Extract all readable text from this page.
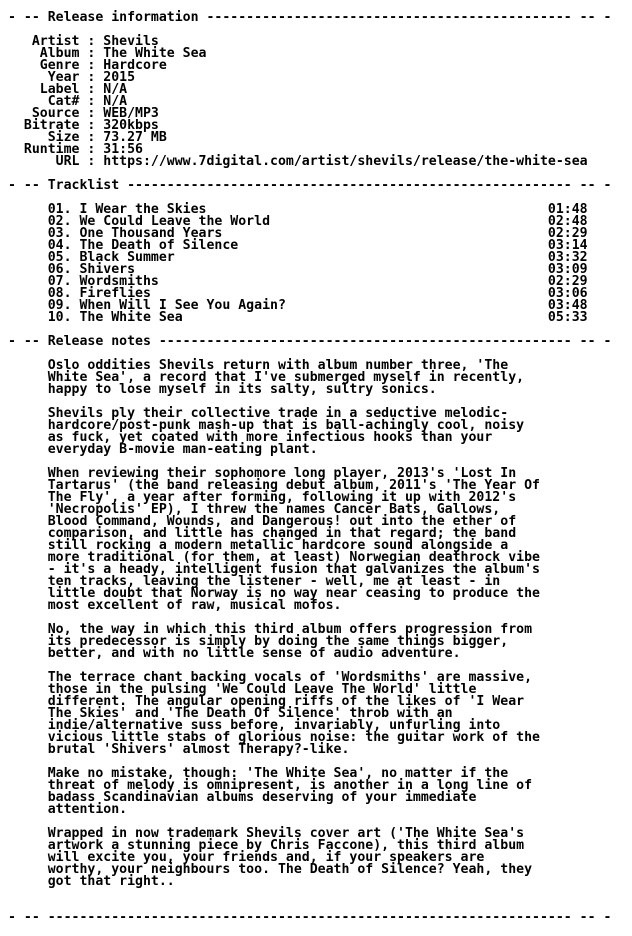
- -- Release information ---------------------------------------------- -- -
Artist : Shevils
Album : The White Sea
Genre : Hardcore
Year : 2015
Label : N/A
Cat# : N/A
Source : WEB/MP3
Bitrate : 320kbps
Size : 73.27 MB
Runtime : 31:56
URL : https://www.7digital.com/artist/shevils/release/the-white-sea
- -- Tracklist -------------------------------------------------------- -- -
01. I Wear the Skies                                           01:48
02. We Could Leave the World                                   02:48
03. One Thousand Years                                         02:29
04. The Death of Silence                                       03:14
05. Black Summer                                               03:32
06. Shivers                                                    03:09
07. Wordsmiths                                                 02:29
08. Fireflies                                                  03:06
09. When Will I See You Again?                                 03:48
10. The White Sea                                              05:33
- -- Release notes ---------------------------------------------------- -- -
Oslo oddities Shevils return with album number three, 'The
White Sea', a record that I've submerged myself in recently,
happy to lose myself in its salty, sultry sonics.
Shevils ply their collective trade in a seductive melodic-
hardcore/post-punk mash-up that is ball-achingly cool, noisy
as fuck, yet coated with more infectious hooks than your
everyday B-movie man-eating plant.
When reviewing their sophomore long player, 2013's 'Lost In
Tartarus' (the band releasing debut album, 2011's 'The Year Of
The Fly', a year after forming, following it up with 2012's
'Necropolis' EP), I threw the names Cancer Bats, Gallows,
Blood Command, Wounds, and Dangerous! out into the ether of
comparison, and little has changed in that regard; the band
still rocking a modern metallic hardcore sound alongside a
more traditional (for them, at least) Norwegian deathrock vibe
- it's a heady, intelligent fusion that galvanizes the album's
ten tracks, leaving the listener - well, me at least - in
little doubt that Norway is no way near ceasing to produce the
most excellent of raw, musical mofos.
No, the way in which this third album offers progression from
its predecessor is simply by doing the same things bigger,
better, and with no little sense of audio adventure.
The terrace chant backing vocals of 'Wordsmiths' are massive,
those in the pulsing 'We Could Leave The World' little
different. The angular opening riffs of the likes of 'I Wear
The Skies' and 'The Death Of Silence' throb with an
indie/alternative suss before, invariably, unfurling into
vicious little stabs of glorious noise: the guitar work of the
brutal 'Shivers' almost Therapy?-like.
Make no mistake, though: 'The White Sea', no matter if the
threat of melody is omnipresent, is another in a long line of
badass Scandinavian albums deserving of your immediate
attention.
Wrapped in now trademark Shevils cover art ('The White Sea's
artwork a stunning piece by Chris Faccone), this third album
will excite you, your friends and, if your speakers are
worthy, your neighbours too. The Death of Silence? Yeah, they
got that right..
- -- ------------------------------------------------------------------ -- -
